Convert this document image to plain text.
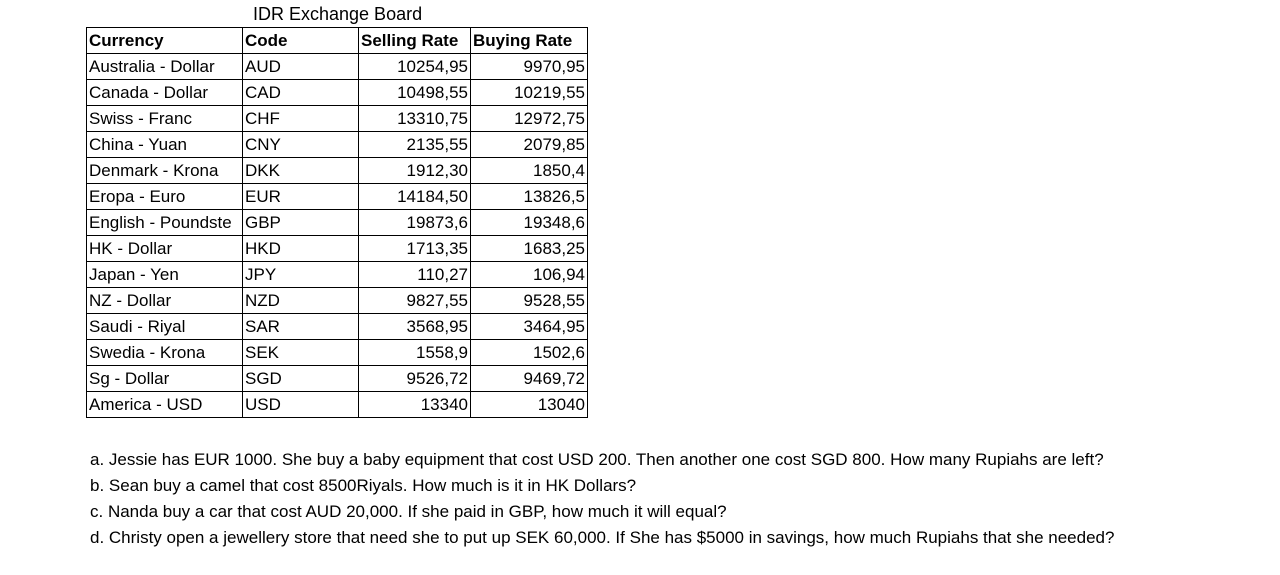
IDR Exchange Board
Currency	Code	Selling Rate	Buying Rate
Australia - Dollar	AUD	10254,95	9970,95
Canada - Dollar	CAD	10498,55	10219,55
Swiss - Franc	CHF	13310,75	12972,75
China - Yuan	CNY	2135,55	2079,85
Denmark - Krona	DKK	1912,30	1850,4
Eropa - Euro	EUR	14184,50	13826,5
English - Poundste	GBP	19873,6	19348,6
HK - Dollar	HKD	1713,35	1683,25
Japan - Yen	JPY	110,27	106,94
NZ - Dollar	NZD	9827,55	9528,55
Saudi - Riyal	SAR	3568,95	3464,95
Swedia - Krona	SEK	1558,9	1502,6
Sg - Dollar	SGD	9526,72	9469,72
America - USD	USD	13340	13040

a. Jessie has EUR 1000. She buy a baby equipment that cost USD 200. Then another one cost SGD 800. How many Rupiahs are left?

b. Sean buy a camel that cost 8500Riyals. How much is it in HK Dollars?

c. Nanda buy a car that cost AUD 20,000. If she paid in GBP, how much it will equal?

d. Christy open a jewellery store that need she to put up SEK 60,000. If She has $5000 in savings, how much Rupiahs that she needed?
